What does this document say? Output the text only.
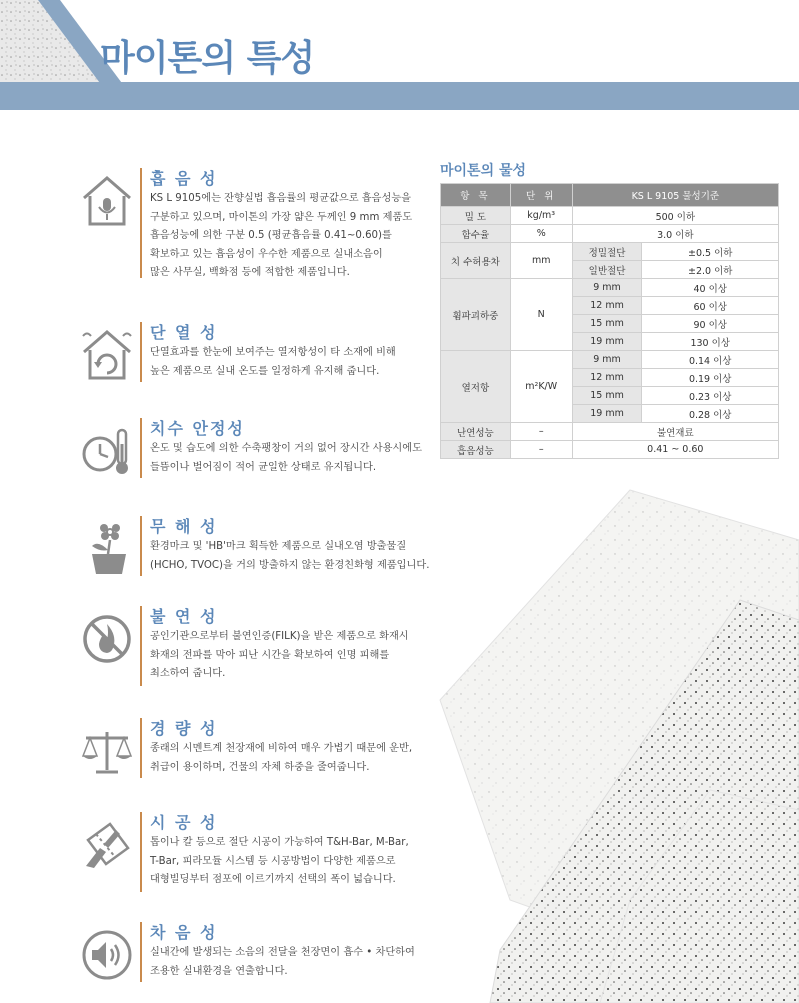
마이톤의 특성
흡 음 성

KS L 9105에는 잔향실법 흡음률의 평균값으로 흡음성능을
구분하고 있으며, 마이톤의 가장 얇은 두께인 9 mm 제품도
흡음성능에 의한 구분 0.5 (평균흡음률 0.41~0.60)를
확보하고 있는 흡음성이 우수한 제품으로 실내소음이
많은 사무실, 백화점 등에 적합한 제품입니다.

단 열 성

단열효과를 한눈에 보여주는 열저항성이 타 소재에 비해
높은 제품으로 실내 온도를 일정하게 유지해 줍니다.

치수 안정성

온도 및 습도에 의한 수축팽창이 거의 없어 장시간 사용시에도
들뜸이나 벌어짐이 적어 균일한 상태로 유지됩니다.

무 해 성

환경마크 및 'HB'마크 획득한 제품으로 실내오염 방출물질
(HCHO, TVOC)을 거의 방출하지 않는 환경친화형 제품입니다.

불 연 성

공인기관으로부터 불연인증(FILK)을 받은 제품으로 화재시
화재의 전파를 막아 피난 시간을 확보하여 인명 피해를
최소하여 줍니다.

경 량 성

종래의 시멘트계 천장재에 비하여 매우 가볍기 때문에 운반,
취급이 용이하며, 건물의 자체 하중을 줄여줍니다.

시 공 성

톱이나 칼 등으로 절단 시공이 가능하여 T&H-Bar, M-Bar,
T-Bar, 피라모듈 시스템 등 시공방법이 다양한 제품으로
대형빌딩부터 점포에 이르기까지 선택의 폭이 넓습니다.

차 음 성

실내간에 발생되는 소음의 전달을 천장면이 흡수 • 차단하여
조용한 실내환경을 연출합니다.

마이톤의 물성
항 목	단 위	KS L 9105 물성기준	
밀 도	kg/m³	500 이하	
함수율	%	3.0 이하	
치 수허용차	mm	정밀절단	±0.5 이하
		일반절단	±2.0 이하
휨파괴하중	N	9 mm	40 이상
		12 mm	60 이상
		15 mm	90 이상
		19 mm	130 이상
열저항	m²K/W	9 mm	0.14 이상
		12 mm	0.19 이상
		15 mm	0.23 이상
		19 mm	0.28 이상
난연성능	–	불연재료	
흡음성능	–	0.41 ~ 0.60	
